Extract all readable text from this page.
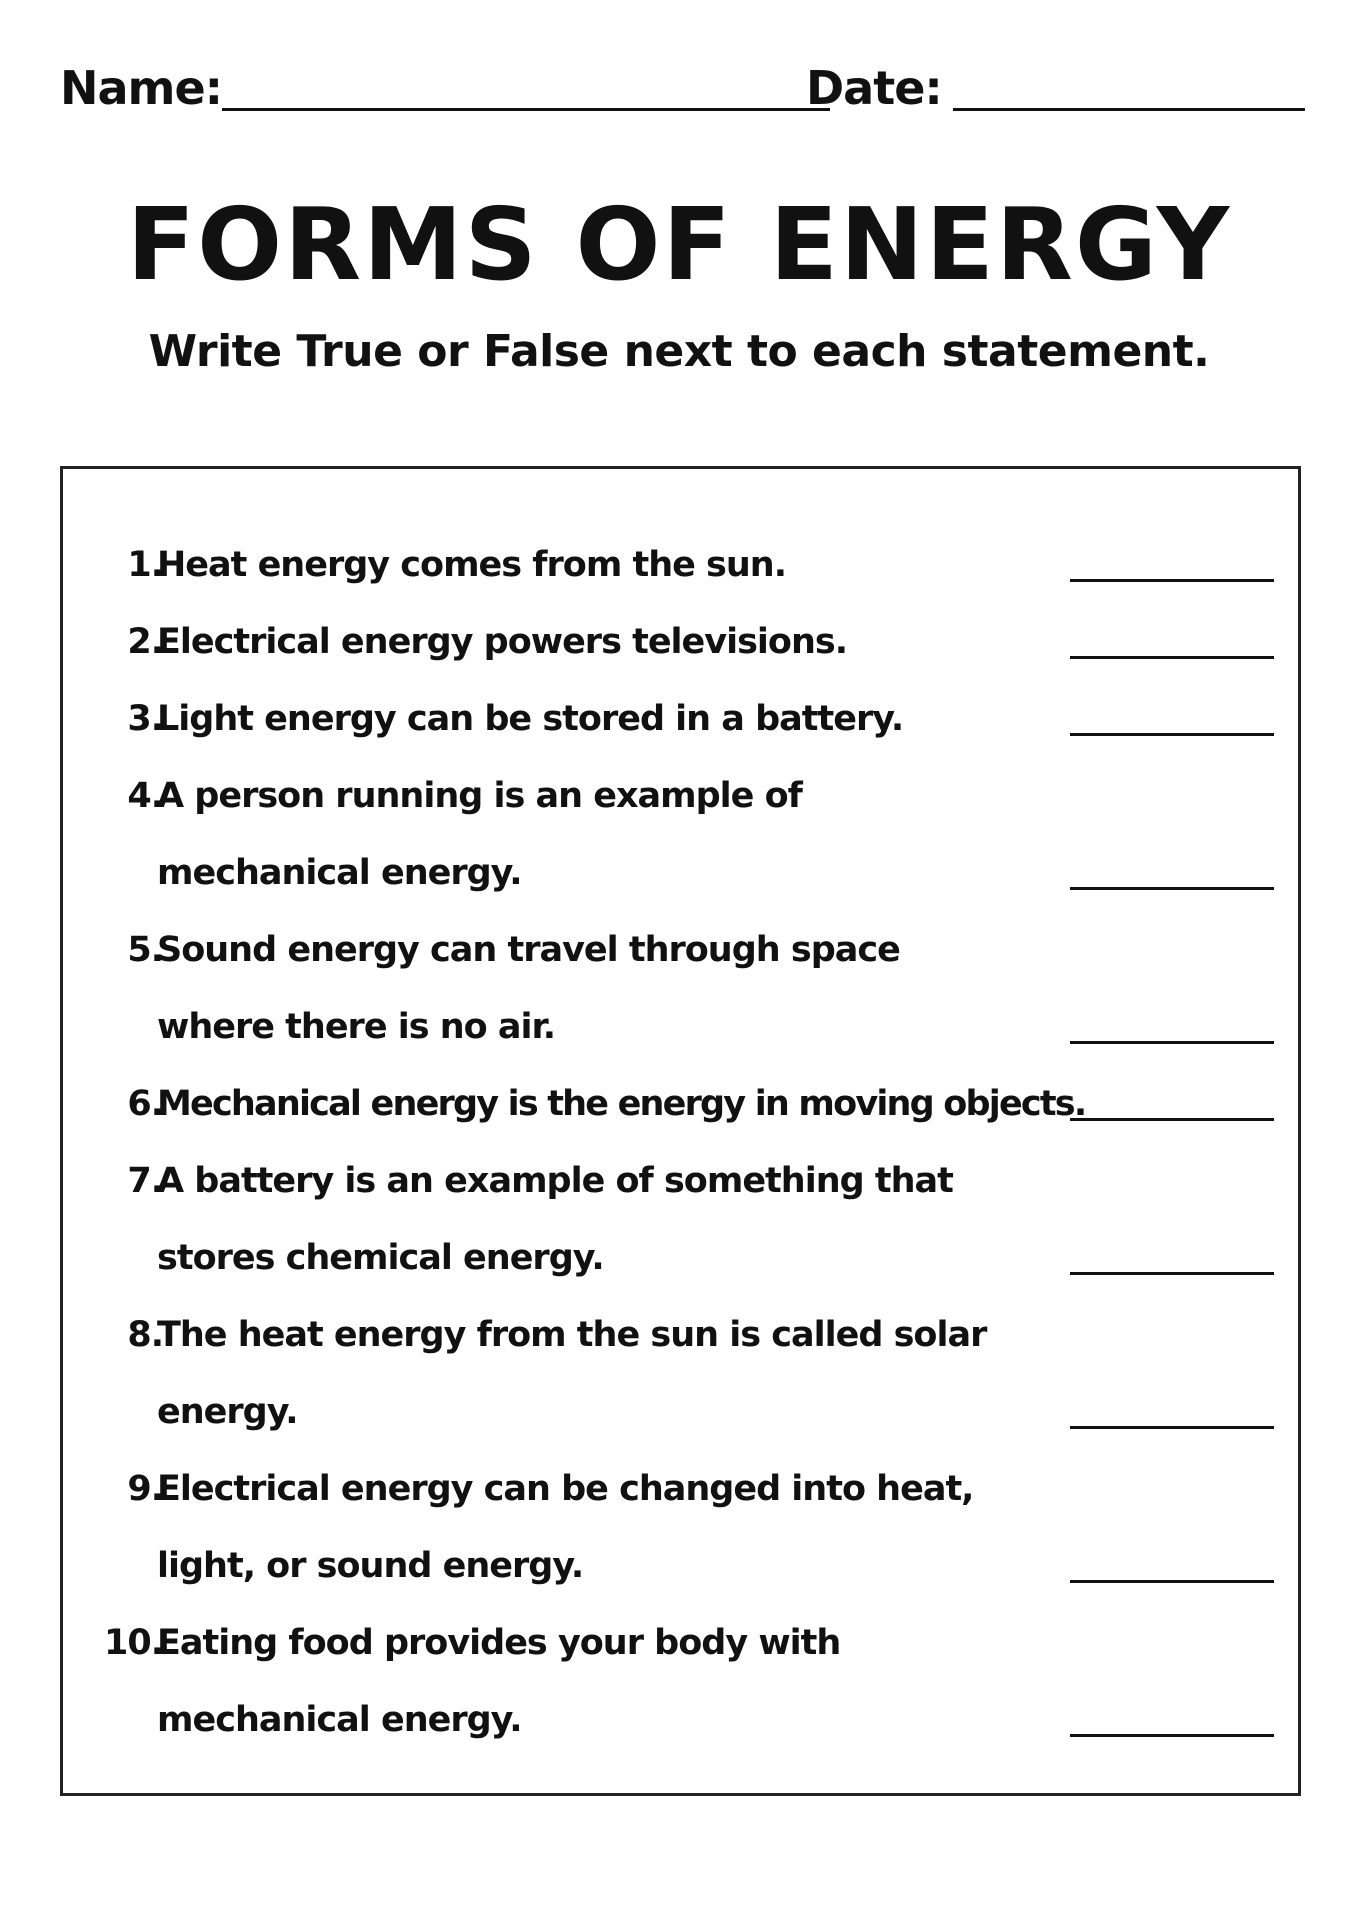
Name:	Date:
FORMS OF ENERGY
Write True or False next to each statement.
1.
Heat energy comes from the sun.
2.
Electrical energy powers televisions.
3.
Light energy can be stored in a battery.
4.
A person running is an example of mechanical energy.
5.
Sound energy can travel through space where there is no air.
6.
Mechanical energy is the energy in moving objects.
7.
A battery is an example of something that stores chemical energy.
8.
The heat energy from the sun is called solar energy.
9.
Electrical energy can be changed into heat, light, or sound energy.
10.
Eating food provides your body with mechanical energy.
